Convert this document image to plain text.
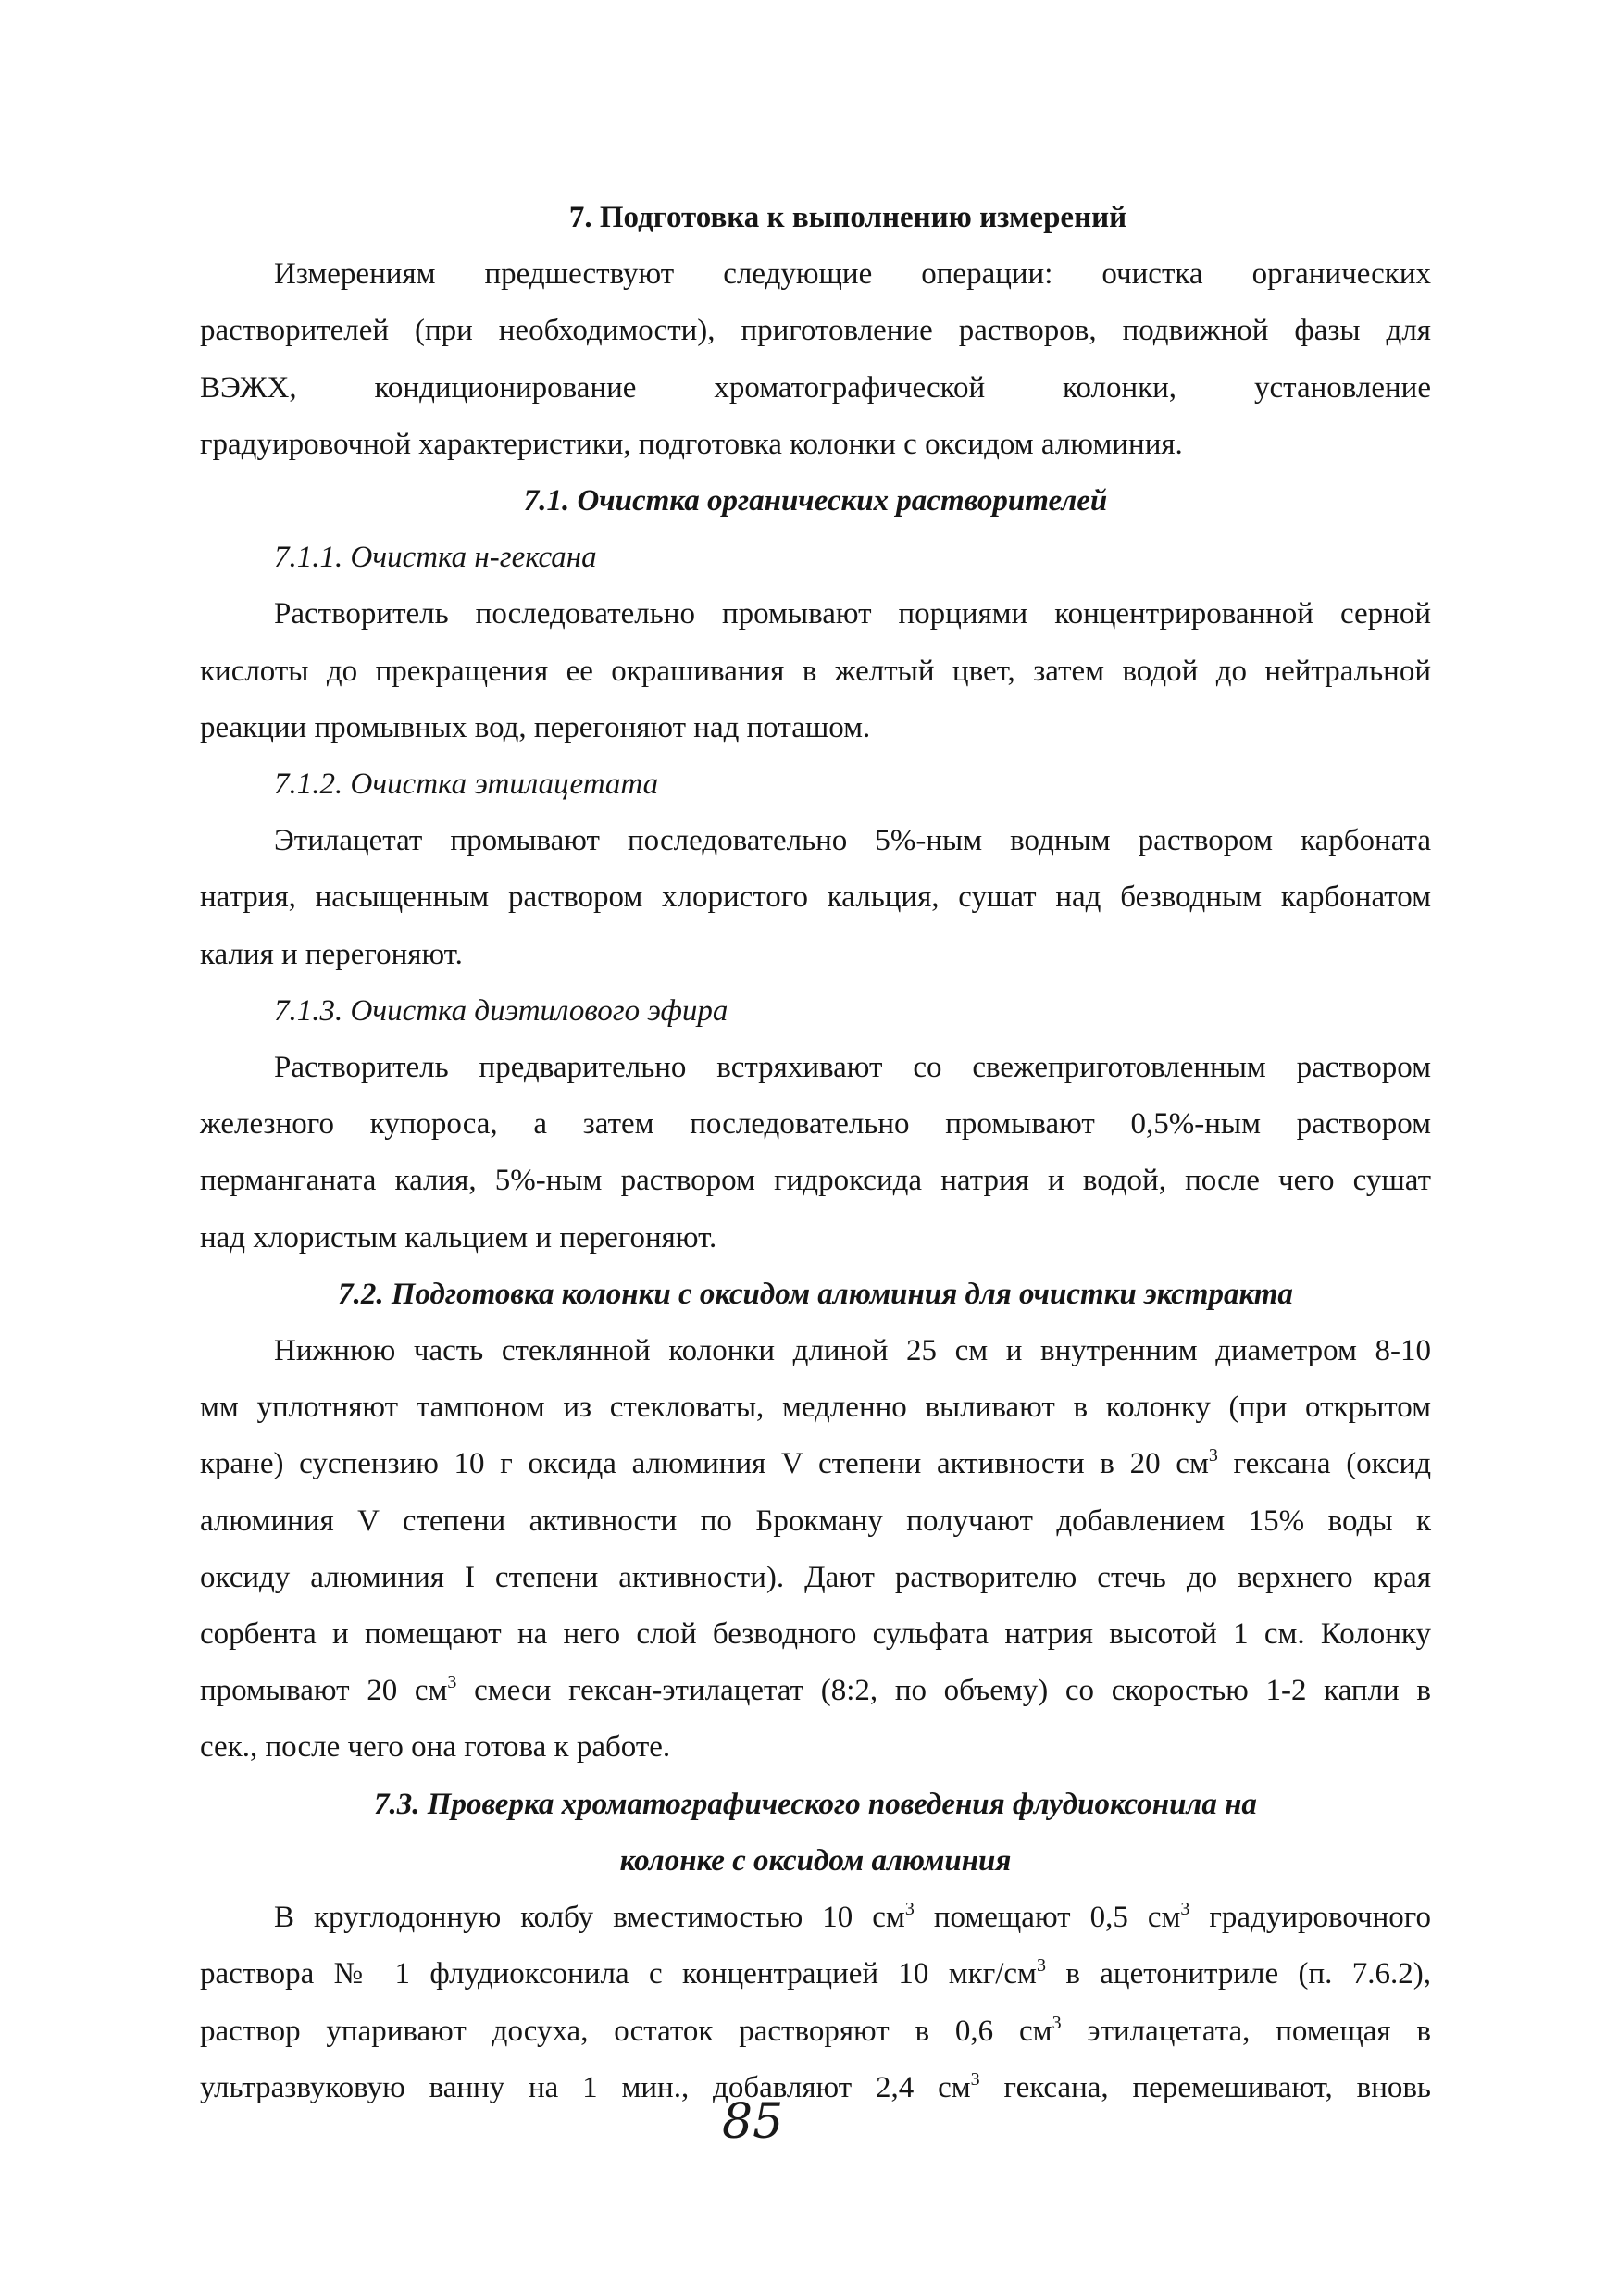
7. Подготовка к выполнению измерений

Измерениям предшествуют следующие операции: очистка органических

растворителей (при необходимости), приготовление растворов, подвижной фазы для

ВЭЖХ, кондиционирование хроматографической колонки, установление

градуировочной характеристики, подготовка колонки с оксидом алюминия.

7.1. Очистка органических растворителей
7.1.1. Очистка н-гексана

Растворитель последовательно промывают порциями концентрированной серной

кислоты до прекращения ее окрашивания в желтый цвет, затем водой до нейтральной

реакции промывных вод, перегоняют над поташом.

7.1.2. Очистка этилацетата

Этилацетат промывают последовательно 5%-ным водным раствором карбоната

натрия, насыщенным раствором хлористого кальция, сушат над безводным карбонатом

калия и перегоняют.

7.1.3. Очистка диэтилового эфира

Растворитель предварительно встряхивают со свежеприготовленным раствором

железного купороса, а затем последовательно промывают 0,5%-ным раствором

перманганата калия, 5%-ным раствором гидроксида натрия и водой, после чего сушат

над хлористым кальцием и перегоняют.

7.2. Подготовка колонки с оксидом алюминия для очистки экстракта

Нижнюю часть стеклянной колонки длиной 25 см и внутренним диаметром 8-10

мм уплотняют тампоном из стекловаты, медленно выливают в колонку (при открытом

кране) суспензию 10 г оксида алюминия V степени активности в 20 $см^3$ гексана (оксид

алюминия V степени активности по Брокману получают добавлением 15% воды к

оксиду алюминия I степени активности). Дают растворителю стечь до верхнего края

сорбента и помещают на него слой безводного сульфата натрия высотой 1 см. Колонку

промывают 20 $см^3$ смеси гексан-этилацетат (8:2, по объему) со скоростью 1-2 капли в

сек., после чего она готова к работе.

7.3. Проверка хроматографического поведения флудиоксонила на
колонке с оксидом алюминия

В круглодонную колбу вместимостью 10 $см^3$ помещают 0,5 $см^3$ градуировочного

раствора № 1 флудиоксонила с концентрацией 10 мкг/$см^3$ в ацетонитриле (п. 7.6.2),

раствор упаривают досуха, остаток растворяют в 0,6 $см^3$ этилацетата, помещая в

ультразвуковую ванну на 1 мин., добавляют 2,4 $см^3$ гексана, перемешивают, вновь

85
